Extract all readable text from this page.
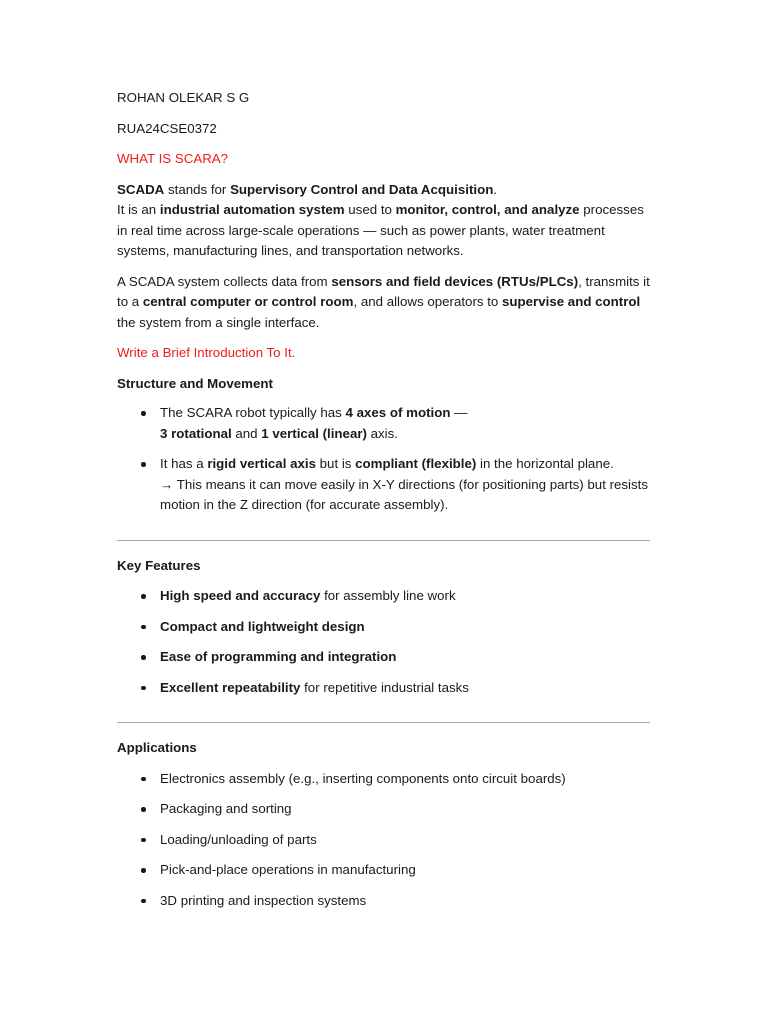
ROHAN OLEKAR S G

RUA24CSE0372

WHAT IS SCARA?

SCADA stands for Supervisory Control and Data Acquisition.

It is an industrial automation system used to monitor, control, and analyze processes in real time across large-scale operations — such as power plants, water treatment systems, manufacturing lines, and transportation networks.

A SCADA system collects data from sensors and field devices (RTUs/PLCs), transmits it to a central computer or control room, and allows operators to supervise and control the system from a single interface.

Write a Brief Introduction To It.

Structure and Movement

The SCARA robot typically has 4 axes of motion —
3 rotational and 1 vertical (linear) axis.
It has a rigid vertical axis but is compliant (flexible) in the horizontal plane.
→ This means it can move easily in X-Y directions (for positioning parts) but resists motion in the Z direction (for accurate assembly).

Key Features

High speed and accuracy for assembly line work
Compact and lightweight design
Ease of programming and integration
Excellent repeatability for repetitive industrial tasks

Applications

Electronics assembly (e.g., inserting components onto circuit boards)
Packaging and sorting
Loading/unloading of parts
Pick-and-place operations in manufacturing
3D printing and inspection systems
